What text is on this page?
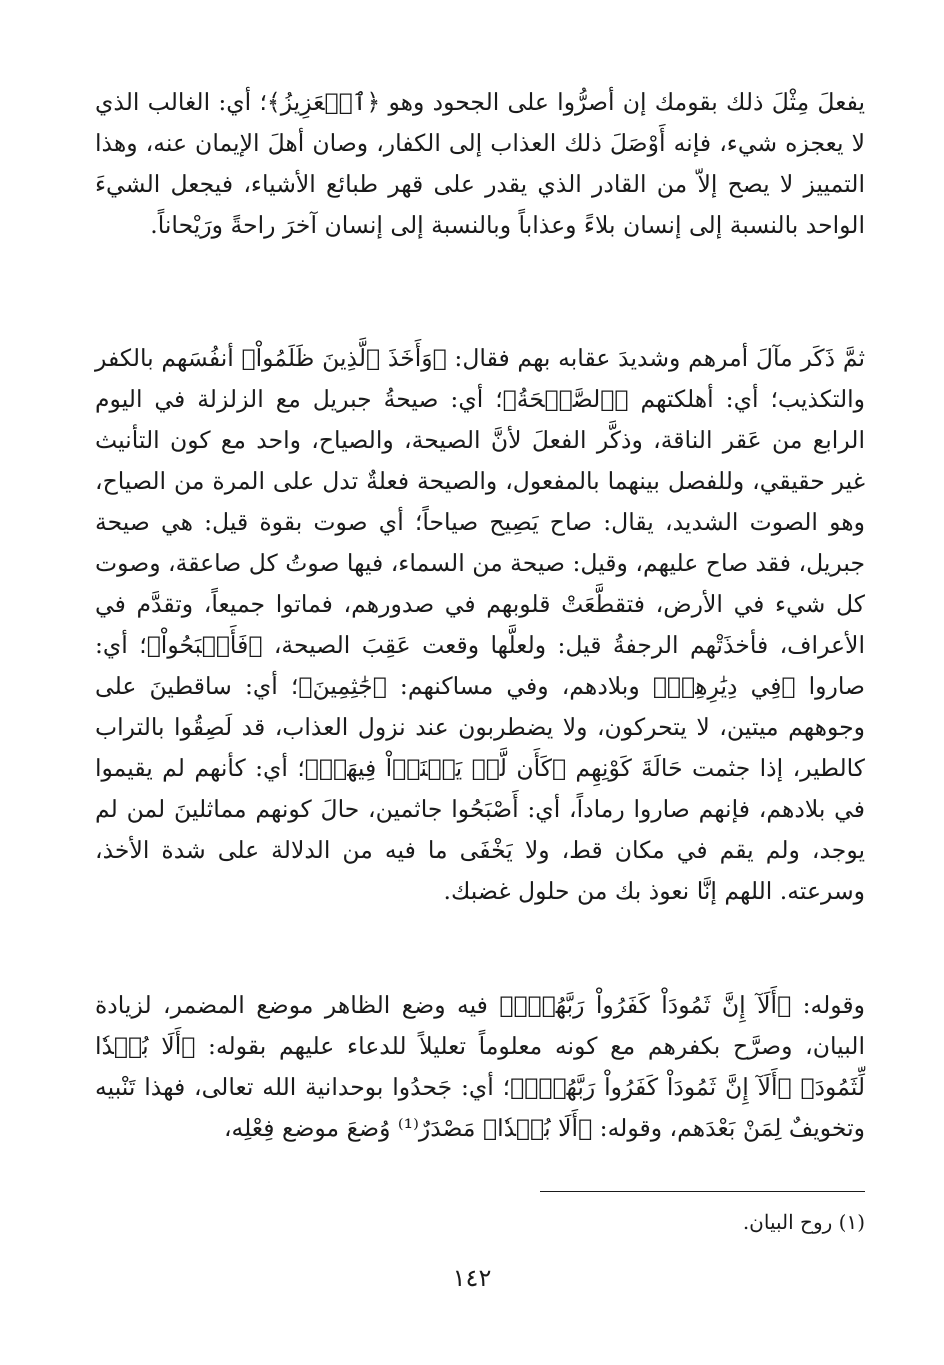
يفعلَ مِثْلَ ذلك بقومك إن أصرُّوا على الجحود وهو ﴿ٱلۡعَزِيزُ﴾؛ أي: الغالب الذي لا يعجزه شيء، فإنه أَوْصَلَ ذلك العذاب إلى الكفار، وصان أهلَ الإيمان عنه، وهذا التمييز لا يصح إلاّ من القادر الذي يقدر على قهر طبائع الأشياء، فيجعل الشيءَ الواحد بالنسبة إلى إنسان بلاءً وعذاباً وبالنسبة إلى إنسان آخرَ راحةً ورَيْحاناً.

ثمَّ ذَكَر مآلَ أمرهم وشديدَ عقابه بهم فقال: ﴿وَأَخَذَ ٱلَّذِينَ ظَلَمُواْ﴾ أنفُسَهم بالكفر والتكذيب؛ أي: أهلكتهم ﴿ٱلصَّيۡحَةُ﴾؛ أي: صيحةُ جبريل مع الزلزلة في اليوم الرابع من عَقر الناقة، وذكَّر الفعلَ لأنَّ الصيحة، والصياح، واحد مع كون التأنيث غير حقيقي، وللفصل بينهما بالمفعول، والصيحة فعلةٌ تدل على المرة من الصياح، وهو الصوت الشديد، يقال: صاح يَصِيح صياحاً؛ أي صوت بقوة قيل: هي صيحة جبريل، فقد صاح عليهم، وقيل: صيحة من السماء، فيها صوتُ كل صاعقة، وصوت كل شيء في الأرض، فتقطَّعَتْ قلوبهم في صدورهم، فماتوا جميعاً، وتقدَّم في الأعراف، فأخذَتْهم الرجفةُ قيل: ولعلَّها وقعت عَقِبَ الصيحة، ﴿فَأَصۡبَحُواْ﴾؛ أي: صاروا ﴿فِي دِيَٰرِهِمۡ﴾ وبلادهم، وفي مساكنهم: ﴿جَٰثِمِينَ﴾؛ أي: ساقطينَ على وجوههم ميتين، لا يتحركون، ولا يضطربون عند نزول العذاب، قد لَصِقُوا بالتراب كالطير، إذا جثمت حَالَةَ كَوْنِهِم ﴿كَأَن لَّمۡ يَغۡنَوۡاْ فِيهَآۗ﴾؛ أي: كأنهم لم يقيموا في بلادهم، فإنهم صاروا رماداً، أي: أَصْبَحُوا جاثمين، حالَ كونهم مماثلينَ لمن لم يوجد، ولم يقم في مكان قط، ولا يَخْفَى ما فيه من الدلالة على شدة الأخذ، وسرعته. اللهم إنَّا نعوذ بك من حلول غضبك.

وقوله: ﴿أَلَآ إِنَّ ثَمُودَاْ كَفَرُواْ رَبَّهُمۡۗ﴾ فيه وضع الظاهر موضع المضمر، لزيادة البيان، وصرَّح بكفرهم مع كونه معلوماً تعليلاً للدعاء عليهم بقوله: ﴿أَلَا بُعۡدٗا لِّثَمُودَ﴾ ﴿أَلَآ إِنَّ ثَمُودَاْ كَفَرُواْ رَبَّهُمۡۗ﴾؛ أي: جَحدُوا بوحدانية الله تعالى، فهذا تَنْبيه وتخويفٌ لِمَنْ بَعْدَهم، وقوله: ﴿أَلَا بُعۡدٗا﴾ مَصْدَرٌ⁽¹⁾ وُضعَ موضع فِعْلِه،

(١) روح البيان.

١٤٢
